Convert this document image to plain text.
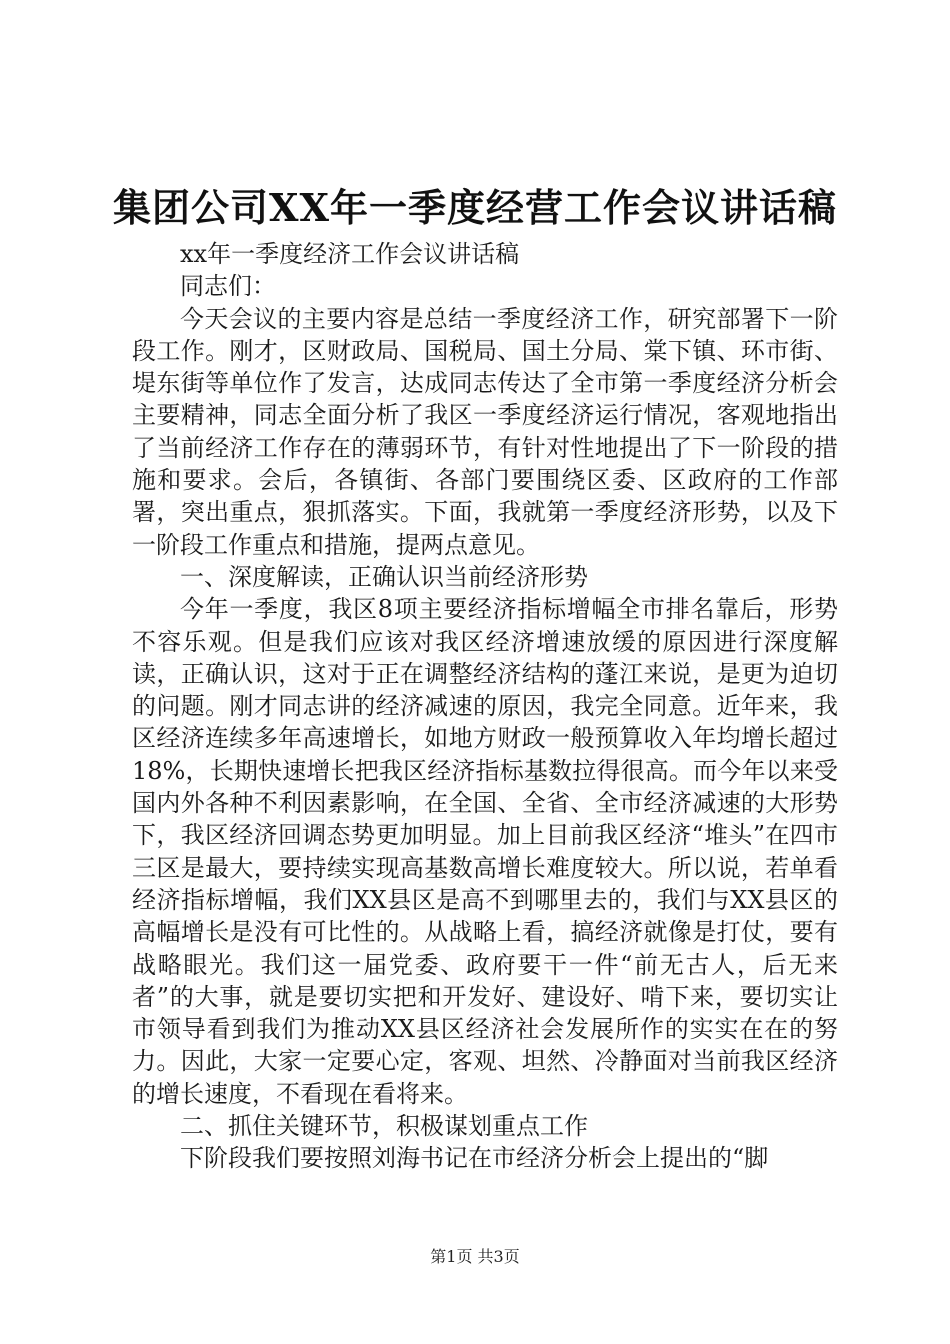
集团公司XX年一季度经营工作会议讲话稿

xx年一季度经济工作会议讲话稿

同志们：

今天会议的主要内容是总结一季度经济工作，研究部署下一阶段工作。刚才，区财政局、国税局、国土分局、棠下镇、环市街、堤东街等单位作了发言，达成同志传达了全市第一季度经济分析会主要精神，同志全面分析了我区一季度经济运行情况，客观地指出了当前经济工作存在的薄弱环节，有针对性地提出了下一阶段的措施和要求。会后，各镇街、各部门要围绕区委、区政府的工作部署，突出重点，狠抓落实。下面，我就第一季度经济形势，以及下一阶段工作重点和措施，提两点意见。

一、深度解读，正确认识当前经济形势

今年一季度，我区8项主要经济指标增幅全市排名靠后，形势不容乐观。但是我们应该对我区经济增速放缓的原因进行深度解读，正确认识，这对于正在调整经济结构的蓬江来说，是更为迫切的问题。刚才同志讲的经济减速的原因，我完全同意。近年来，我区经济连续多年高速增长，如地方财政一般预算收入年均增长超过18%，长期快速增长把我区经济指标基数拉得很高。而今年以来受国内外各种不利因素影响，在全国、全省、全市经济减速的大形势下，我区经济回调态势更加明显。加上目前我区经济“堆头”在四市三区是最大，要持续实现高基数高增长难度较大。所以说，若单看经济指标增幅，我们XX县区是高不到哪里去的，我们与XX县区的高幅增长是没有可比性的。从战略上看，搞经济就像是打仗，要有战略眼光。我们这一届党委、政府要干一件“前无古人，后无来者”的大事，就是要切实把和开发好、建设好、啃下来，要切实让市领导看到我们为推动XX县区经济社会发展所作的实实在在的努力。因此，大家一定要心定，客观、坦然、冷静面对当前我区经济的增长速度，不看现在看将来。

二、抓住关键环节，积极谋划重点工作

下阶段我们要按照刘海书记在市经济分析会上提出的“脚

第1页 共3页
